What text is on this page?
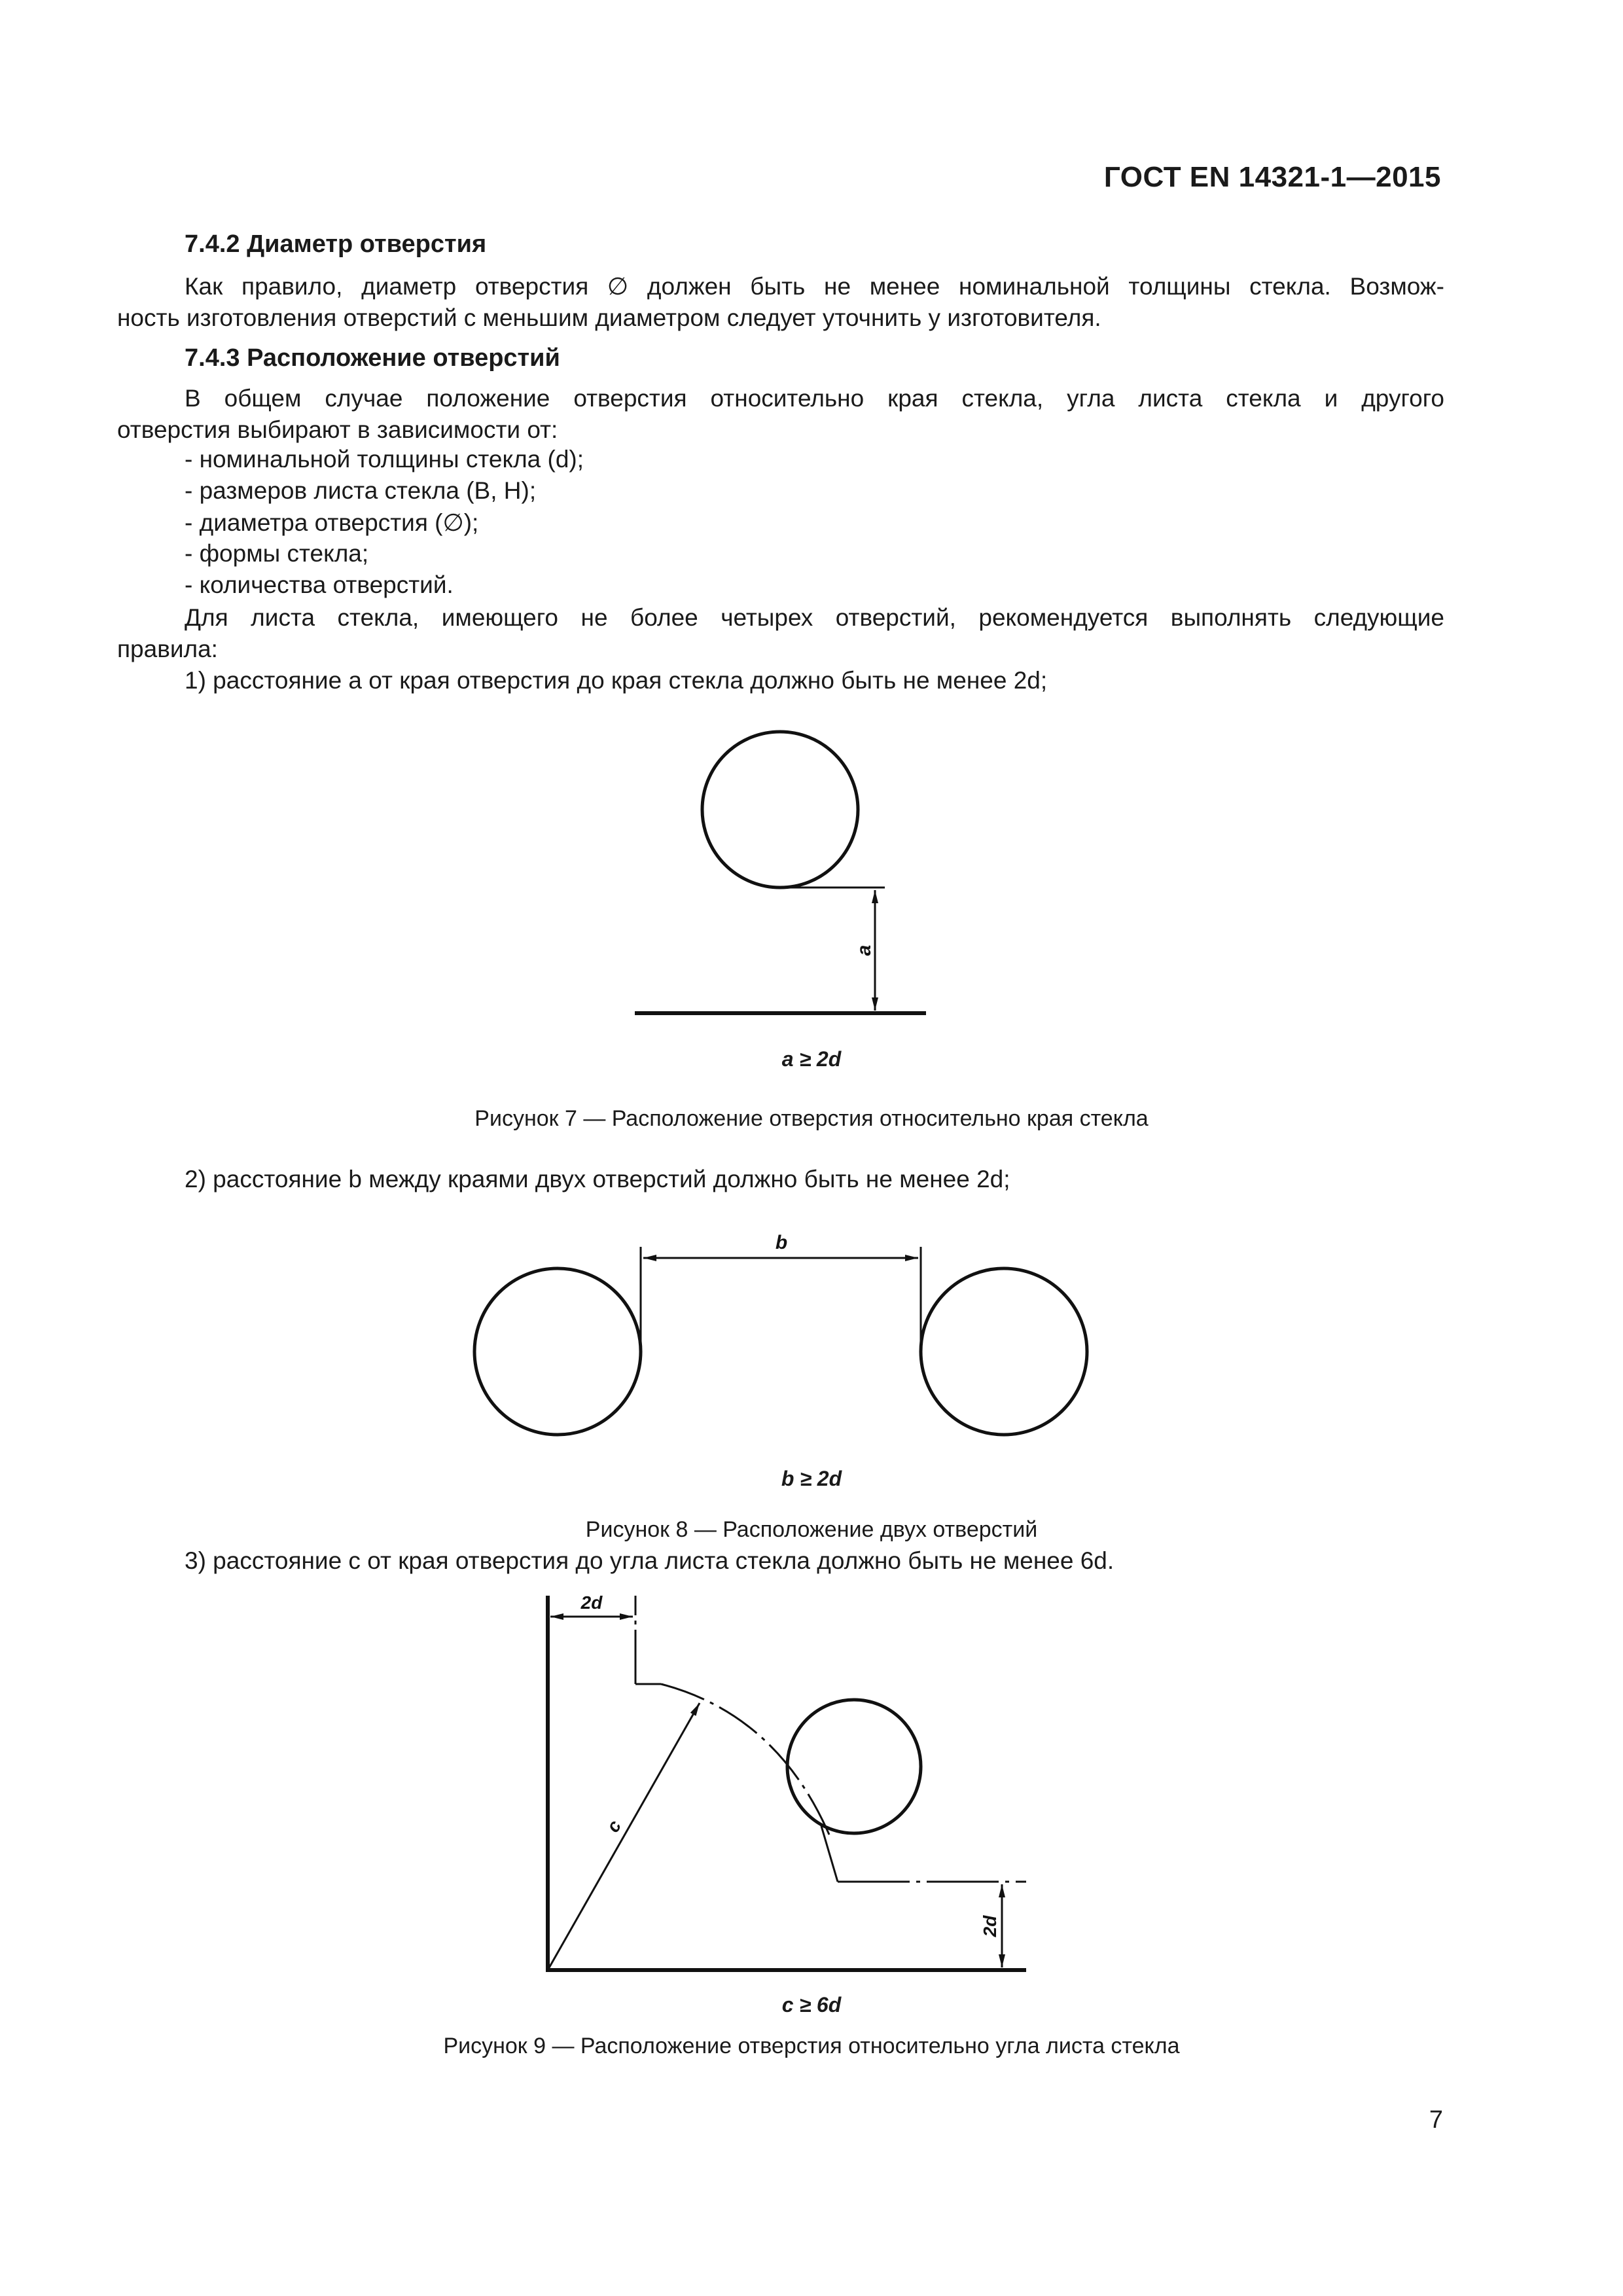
ГОСТ EN 14321-1—2015
7.4.2 Диаметр отверстия
Как правило, диаметр отверстия ∅ должен быть не менее номинальной толщины стекла. Возмож-
ность изготовления отверстий с меньшим диаметром следует уточнить у изготовителя.
7.4.3 Расположение отверстий
В общем случае положение отверстия относительно края стекла, угла листа стекла и другого
отверстия выбирают в зависимости от:
- номинальной толщины стекла (d);
- размеров листа стекла (B, H);
- диаметра отверстия (∅);
- формы стекла;
- количества отверстий.
Для листа стекла, имеющего не более четырех отверстий, рекомендуется выполнять следующие
правила:
1) расстояние a от края отверстия до края стекла должно быть не менее 2d;
a
a ≥ 2d
Рисунок 7 — Расположение отверстия относительно края стекла
2) расстояние b между краями двух отверстий должно быть не менее 2d;
b
b ≥ 2d
Рисунок 8 — Расположение двух отверстий
3) расстояние c от края отверстия до угла листа стекла должно быть не менее 6d.
2d
c
2d
c ≥ 6d
Рисунок 9 — Расположение отверстия относительно угла листа стекла
7
